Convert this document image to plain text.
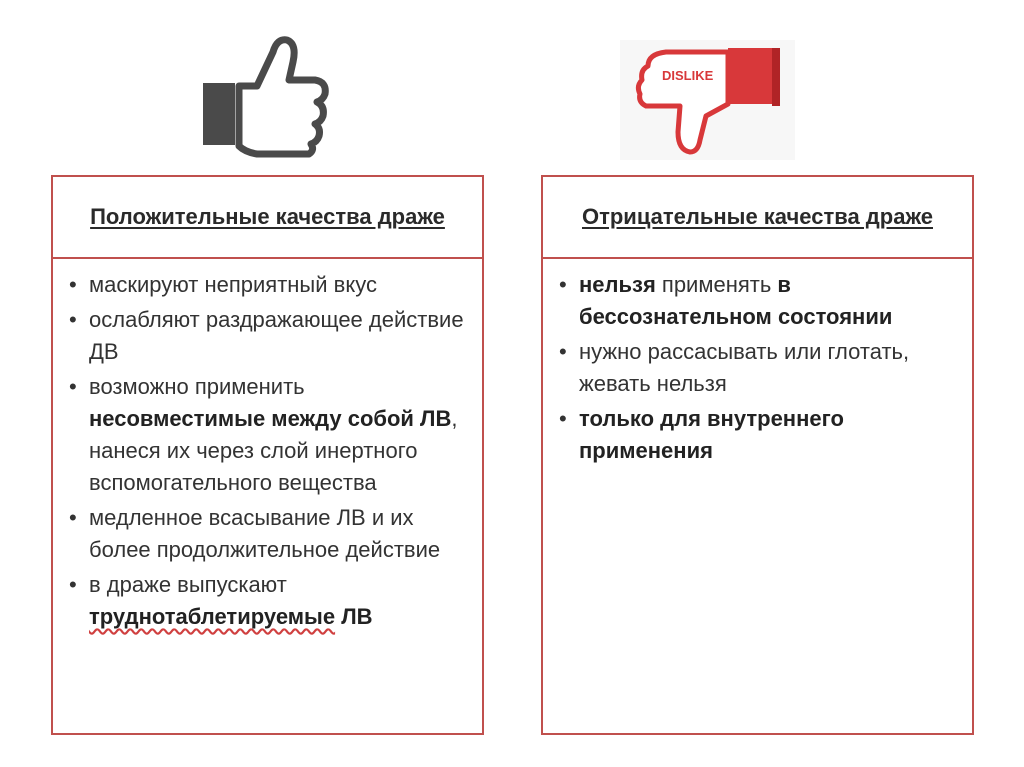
DISLIKE
Положительные качества драже
• маскируют неприятный вкус
• ослабляют раздражающее действие ДВ
• возможно применить несовместимые между собой ЛВ, нанеся их через слой инертного вспомогательного вещества
• медленное всасывание ЛВ и их более продолжительное действие
• в драже выпускают труднотаблетируемые ЛВ
Отрицательные качества драже
• нельзя применять в бессознательном состоянии
• нужно рассасывать или глотать, жевать нельзя
• только для внутреннего применения
